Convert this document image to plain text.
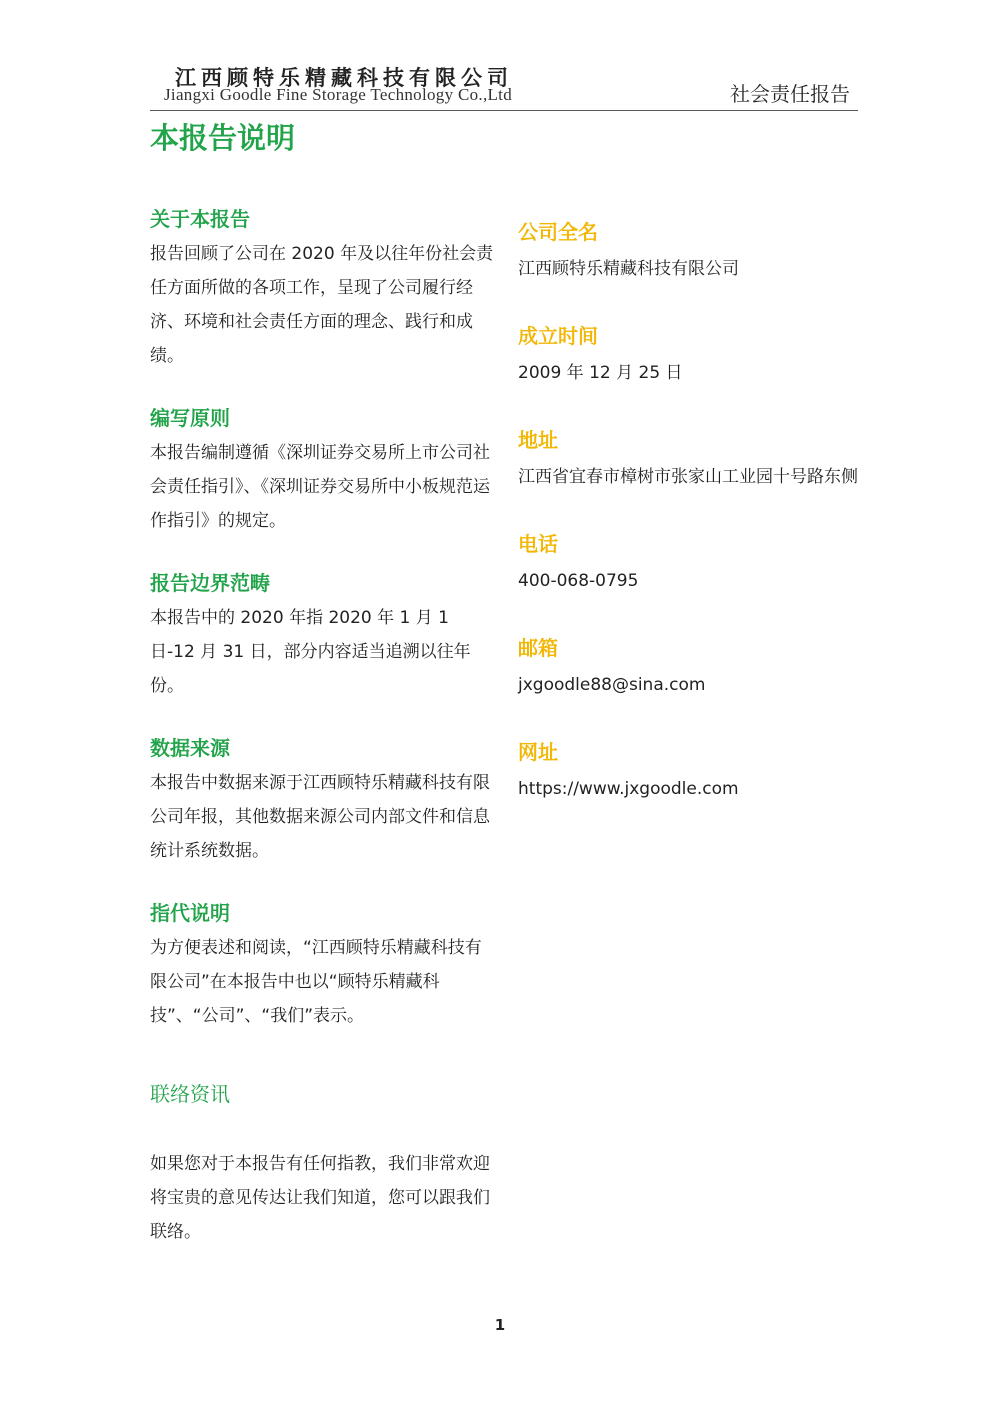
江西顾特乐精藏科技有限公司
Jiangxi Goodle Fine Storage Technology Co.,Ltd	社会责任报告
本报告说明
关于本报告

报告回顾了公司在 2020 年及以往年份社会责任方面所做的各项工作，呈现了公司履行经济、环境和社会责任方面的理念、践行和成绩。

编写原则

本报告编制遵循《深圳证券交易所上市公司社会责任指引》、《深圳证券交易所中小板规范运作指引》的规定。

报告边界范畴

本报告中的 2020 年指 2020 年 1 月 1 日-12 月 31 日，部分内容适当追溯以往年份。

数据来源

本报告中数据来源于江西顾特乐精藏科技有限公司年报，其他数据来源公司内部文件和信息统计系统数据。

指代说明

为方便表述和阅读，“江西顾特乐精藏科技有限公司”在本报告中也以“顾特乐精藏科技”、“公司”、“我们”表示。

联络资讯

如果您对于本报告有任何指教，我们非常欢迎将宝贵的意见传达让我们知道，您可以跟我们联络。

公司全名

江西顾特乐精藏科技有限公司

成立时间

2009 年 12 月 25 日

地址

江西省宜春市樟树市张家山工业园十号路东侧

电话

400-068-0795

邮箱

jxgoodle88@sina.com

网址

https://www.jxgoodle.com

1
